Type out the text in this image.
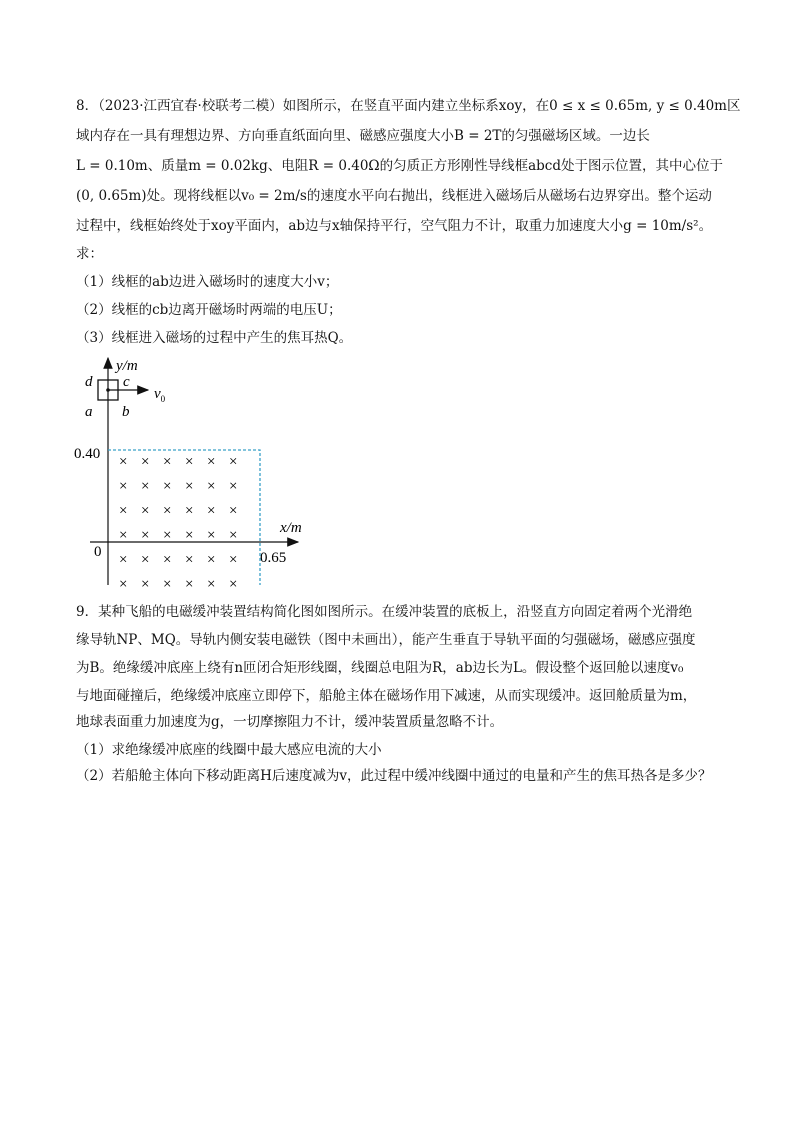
8．（2023·江西宜春·校联考二模）如图所示，在竖直平面内建立坐标系xoy，在0 ≤ x ≤ 0.65m, y ≤ 0.40m区
域内存在一具有理想边界、方向垂直纸面向里、磁感应强度大小B = 2T的匀强磁场区域。一边长
L = 0.10m、质量m = 0.02kg、电阻R = 0.40Ω的匀质正方形刚性导线框abcd处于图示位置，其中心位于
(0, 0.65m)处。现将线框以v₀ = 2m/s的速度水平向右抛出，线框进入磁场后从磁场右边界穿出。整个运动
过程中，线框始终处于xoy平面内，ab边与x轴保持平行，空气阻力不计，取重力加速度大小g = 10m/s²。
求：
（1）线框的ab边进入磁场时的速度大小v；
（2）线框的cb边离开磁场时两端的电压U；
（3）线框进入磁场的过程中产生的焦耳热Q。
y/m
x/m
0
0.40
0.65
× × × × × ×
× × × × × ×
× × × × × ×
× × × × × ×
× × × × × ×
× × × × × ×
$v_0$
d c
a b
9．某种飞船的电磁缓冲装置结构简化图如图所示。在缓冲装置的底板上，沿竖直方向固定着两个光滑绝
缘导轨NP、MQ。导轨内侧安装电磁铁（图中未画出），能产生垂直于导轨平面的匀强磁场，磁感应强度
为B。绝缘缓冲底座上绕有n匝闭合矩形线圈，线圈总电阻为R，ab边长为L。假设整个返回舱以速度v₀
与地面碰撞后，绝缘缓冲底座立即停下，船舱主体在磁场作用下减速，从而实现缓冲。返回舱质量为m，
地球表面重力加速度为g，一切摩擦阻力不计，缓冲装置质量忽略不计。
（1）求绝缘缓冲底座的线圈中最大感应电流的大小
（2）若船舱主体向下移动距离H后速度减为v，此过程中缓冲线圈中通过的电量和产生的焦耳热各是多少？
